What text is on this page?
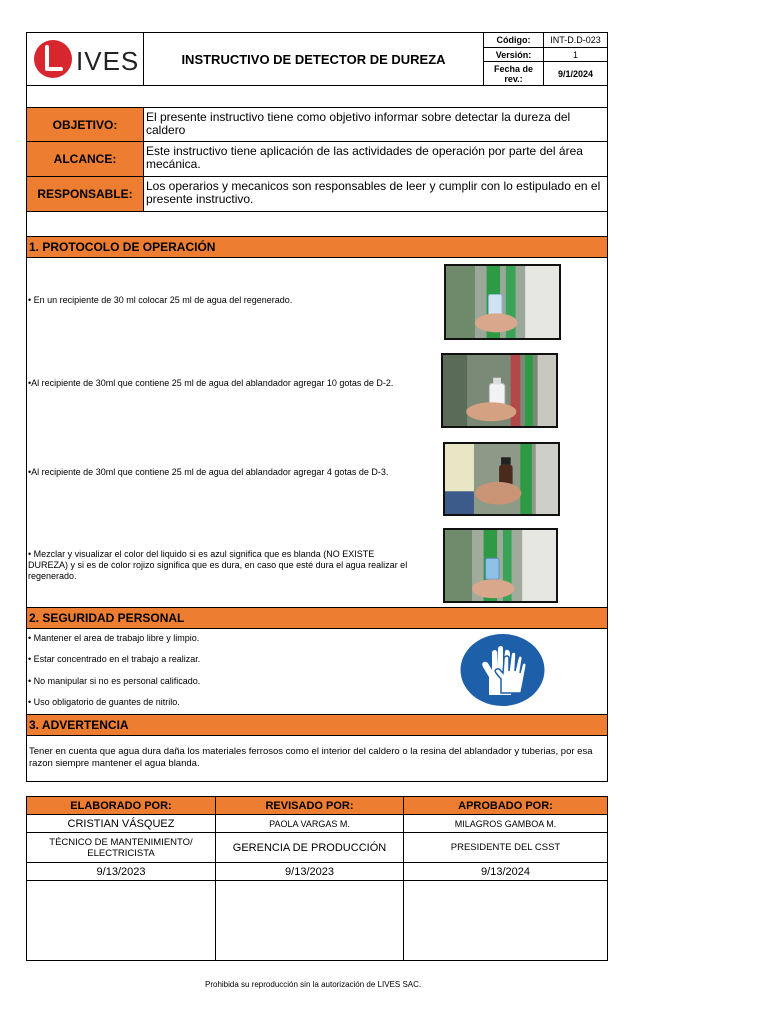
IVES	INSTRUCTIVO DE DETECTOR DE DUREZA
Código:	INT-D.D-023
Versión:	1
Fecha de rev.:	9/1/2024
OBJETIVO:
El presente instructivo tiene como objetivo informar sobre detectar la dureza del caldero
ALCANCE:
Este instructivo tiene aplicación de las actividades de operación por parte del área mecánica.
RESPONSABLE:
Los operarios y mecanicos son responsables de leer y cumplir con lo estipulado en el presente instructivo.
1. PROTOCOLO DE OPERACIÓN
• En un recipiente de 30 ml colocar 25 ml de agua del regenerado.
•Al recipiente de 30ml que contiene 25 ml de agua del ablandador agregar 10 gotas de D-2.
•Al recipiente de 30ml que contiene 25 ml de agua del ablandador agregar 4 gotas de D-3.
• Mezclar y visualizar el color del liquido si es azul significa que es blanda (NO EXISTE DUREZA) y si es de color rojizo significa que es dura, en caso que esté dura el agua realizar el regenerado.
2. SEGURIDAD PERSONAL
• Mantener el area de trabajo libre y limpio.
• Estar concentrado en el trabajo a realizar.
• No manipular si no es personal calificado.
• Uso obligatorio de guantes de nitrilo.
3. ADVERTENCIA
Tener en cuenta que agua dura daña los materiales ferrosos como el interior del caldero o la resina del ablandador y tuberias, por esa razon siempre mantener el agua blanda.
ELABORADO POR:	REVISADO POR:	APROBADO POR:
CRISTIAN VÁSQUEZ	PAOLA VARGAS M.	MILAGROS GAMBOA M.
TÉCNICO DE MANTENIMIENTO/ ELECTRICISTA	GERENCIA DE PRODUCCIÓN	PRESIDENTE DEL CSST
9/13/2023	9/13/2023	9/13/2024
Prohibida su reproducción sin la autorización de LIVES SAC.
